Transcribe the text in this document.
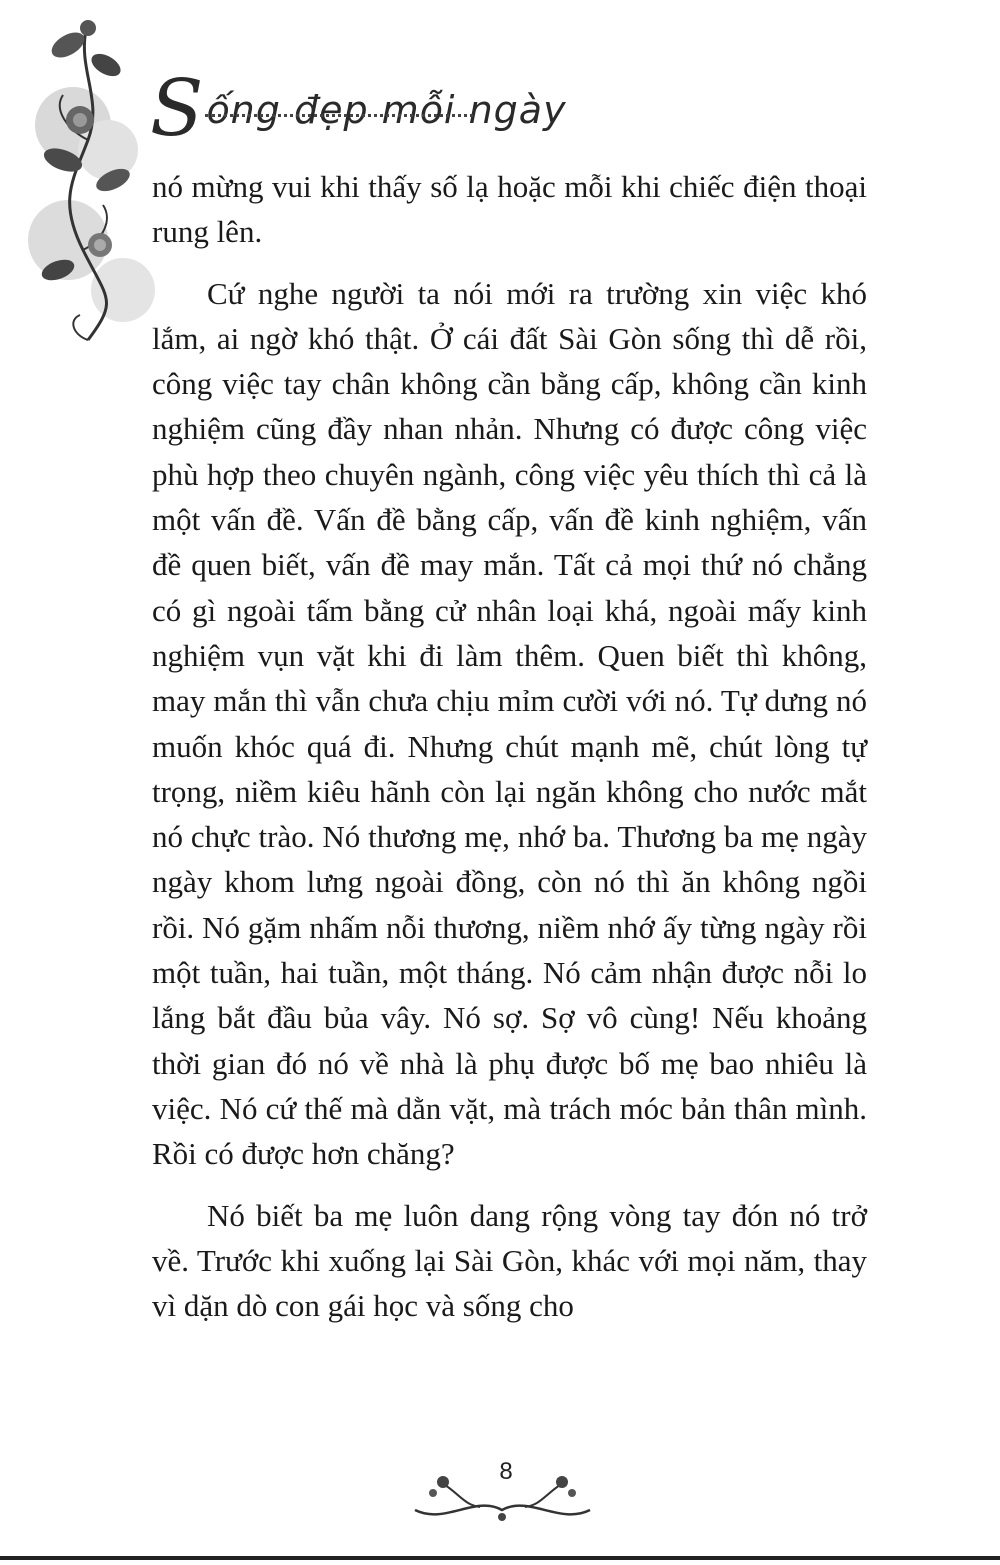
Sống đẹp mỗi ngày

nó mừng vui khi thấy số lạ hoặc mỗi khi chiếc điện thoại rung lên.

Cứ nghe người ta nói mới ra trường xin việc khó lắm, ai ngờ khó thật. Ở cái đất Sài Gòn sống thì dễ rồi, công việc tay chân không cần bằng cấp, không cần kinh nghiệm cũng đầy nhan nhản. Nhưng có được công việc phù hợp theo chuyên ngành, công việc yêu thích thì cả là một vấn đề. Vấn đề bằng cấp, vấn đề kinh nghiệm, vấn đề quen biết, vấn đề may mắn. Tất cả mọi thứ nó chẳng có gì ngoài tấm bằng cử nhân loại khá, ngoài mấy kinh nghiệm vụn vặt khi đi làm thêm. Quen biết thì không, may mắn thì vẫn chưa chịu mỉm cười với nó. Tự dưng nó muốn khóc quá đi. Nhưng chút mạnh mẽ, chút lòng tự trọng, niềm kiêu hãnh còn lại ngăn không cho nước mắt nó chực trào. Nó thương mẹ, nhớ ba. Thương ba mẹ ngày ngày khom lưng ngoài đồng, còn nó thì ăn không ngồi rồi. Nó gặm nhấm nỗi thương, niềm nhớ ấy từng ngày rồi một tuần, hai tuần, một tháng. Nó cảm nhận được nỗi lo lắng bắt đầu bủa vây. Nó sợ. Sợ vô cùng! Nếu khoảng thời gian đó nó về nhà là phụ được bố mẹ bao nhiêu là việc. Nó cứ thế mà dằn vặt, mà trách móc bản thân mình. Rồi có được hơn chăng?

Nó biết ba mẹ luôn dang rộng vòng tay đón nó trở về. Trước khi xuống lại Sài Gòn, khác với mọi năm, thay vì dặn dò con gái học và sống cho

8
